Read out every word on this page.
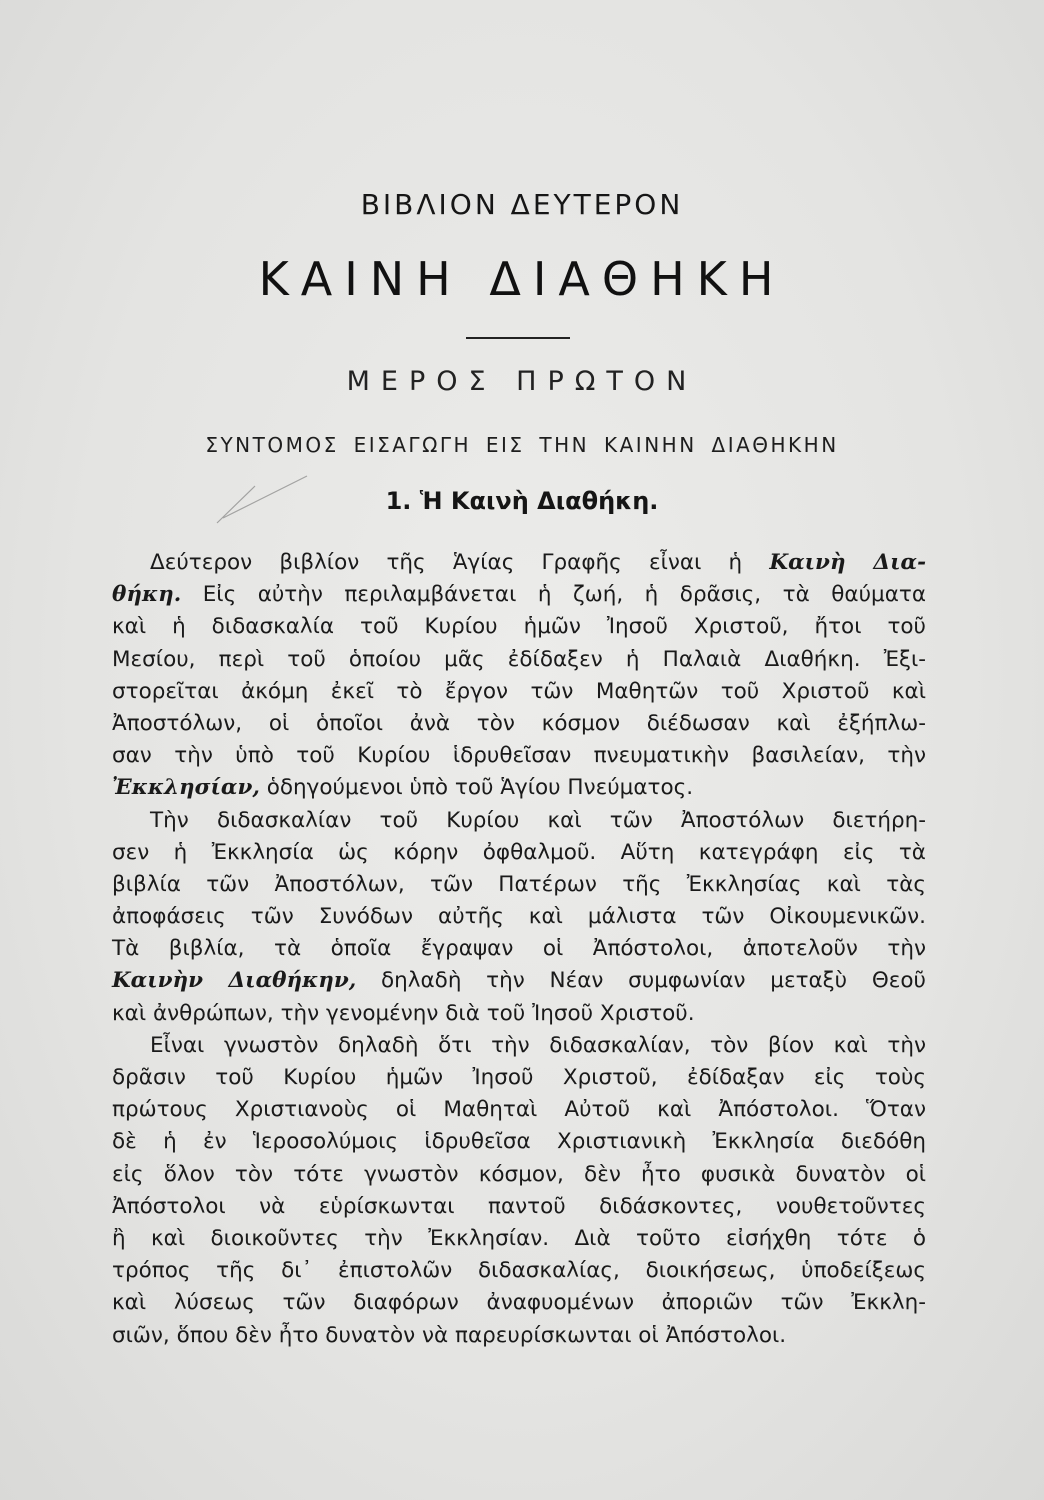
ΒΙΒΛΙΟΝ ΔΕΥΤΕΡΟΝ
ΚΑΙΝΗ ΔΙΑΘΗΚΗ
ΜΕΡΟΣ ΠΡΩΤΟΝ
ΣΥΝΤΟΜΟΣ ΕΙΣΑΓΩΓΗ ΕΙΣ ΤΗΝ ΚΑΙΝΗΝ ΔΙΑΘΗΚΗΝ
1. Ἡ Καινὴ Διαθήκη.
Δεύτερον βιβλίον τῆς Ἁγίας Γραφῆς εἶναι ἡ Καινὴ Δια-
θήκη. Εἰς αὐτὴν περιλαμβάνεται ἡ ζωή, ἡ δρᾶσις, τὰ θαύματα
καὶ ἡ διδασκαλία τοῦ Κυρίου ἡμῶν Ἰησοῦ Χριστοῦ, ἤτοι τοῦ
Μεσίου, περὶ τοῦ ὁποίου μᾶς ἐδίδαξεν ἡ Παλαιὰ Διαθήκη. Ἐξι-
στορεῖται ἀκόμη ἐκεῖ τὸ ἔργον τῶν Μαθητῶν τοῦ Χριστοῦ καὶ
Ἀποστόλων, οἱ ὁποῖοι ἀνὰ τὸν κόσμον διέδωσαν καὶ ἐξήπλω-
σαν τὴν ὑπὸ τοῦ Κυρίου ἱδρυθεῖσαν πνευματικὴν βασιλείαν, τὴν
Ἐκκλησίαν, ὁδηγούμενοι ὑπὸ τοῦ Ἁγίου Πνεύματος.
Τὴν διδασκαλίαν τοῦ Κυρίου καὶ τῶν Ἀποστόλων διετήρη-
σεν ἡ Ἐκκλησία ὡς κόρην ὀφθαλμοῦ. Αὕτη κατεγράφη εἰς τὰ
βιβλία τῶν Ἀποστόλων, τῶν Πατέρων τῆς Ἐκκλησίας καὶ τὰς
ἀποφάσεις τῶν Συνόδων αὐτῆς καὶ μάλιστα τῶν Οἰκουμενικῶν.
Τὰ βιβλία, τὰ ὁποῖα ἔγραψαν οἱ Ἀπόστολοι, ἀποτελοῦν τὴν
Καινὴν Διαθήκην, δηλαδὴ τὴν Νέαν συμφωνίαν μεταξὺ Θεοῦ
καὶ ἀνθρώπων, τὴν γενομένην διὰ τοῦ Ἰησοῦ Χριστοῦ.
Εἶναι γνωστὸν δηλαδὴ ὅτι τὴν διδασκαλίαν, τὸν βίον καὶ τὴν
δρᾶσιν τοῦ Κυρίου ἡμῶν Ἰησοῦ Χριστοῦ, ἐδίδαξαν εἰς τοὺς
πρώτους Χριστιανοὺς οἱ Μαθηταὶ Αὐτοῦ καὶ Ἀπόστολοι. Ὅταν
δὲ ἡ ἐν Ἱεροσολύμοις ἱδρυθεῖσα Χριστιανικὴ Ἐκκλησία διεδόθη
εἰς ὅλον τὸν τότε γνωστὸν κόσμον, δὲν ἦτο φυσικὰ δυνατὸν οἱ
Ἀπόστολοι νὰ εὑρίσκωνται παντοῦ διδάσκοντες, νουθετοῦντες
ἢ καὶ διοικοῦντες τὴν Ἐκκλησίαν. Διὰ τοῦτο εἰσήχθη τότε ὁ
τρόπος τῆς δι᾿ ἐπιστολῶν διδασκαλίας, διοικήσεως, ὑποδείξεως
καὶ λύσεως τῶν διαφόρων ἀναφυομένων ἀποριῶν τῶν Ἐκκλη-
σιῶν, ὅπου δὲν ἦτο δυνατὸν νὰ παρευρίσκωνται οἱ Ἀπόστολοι.
